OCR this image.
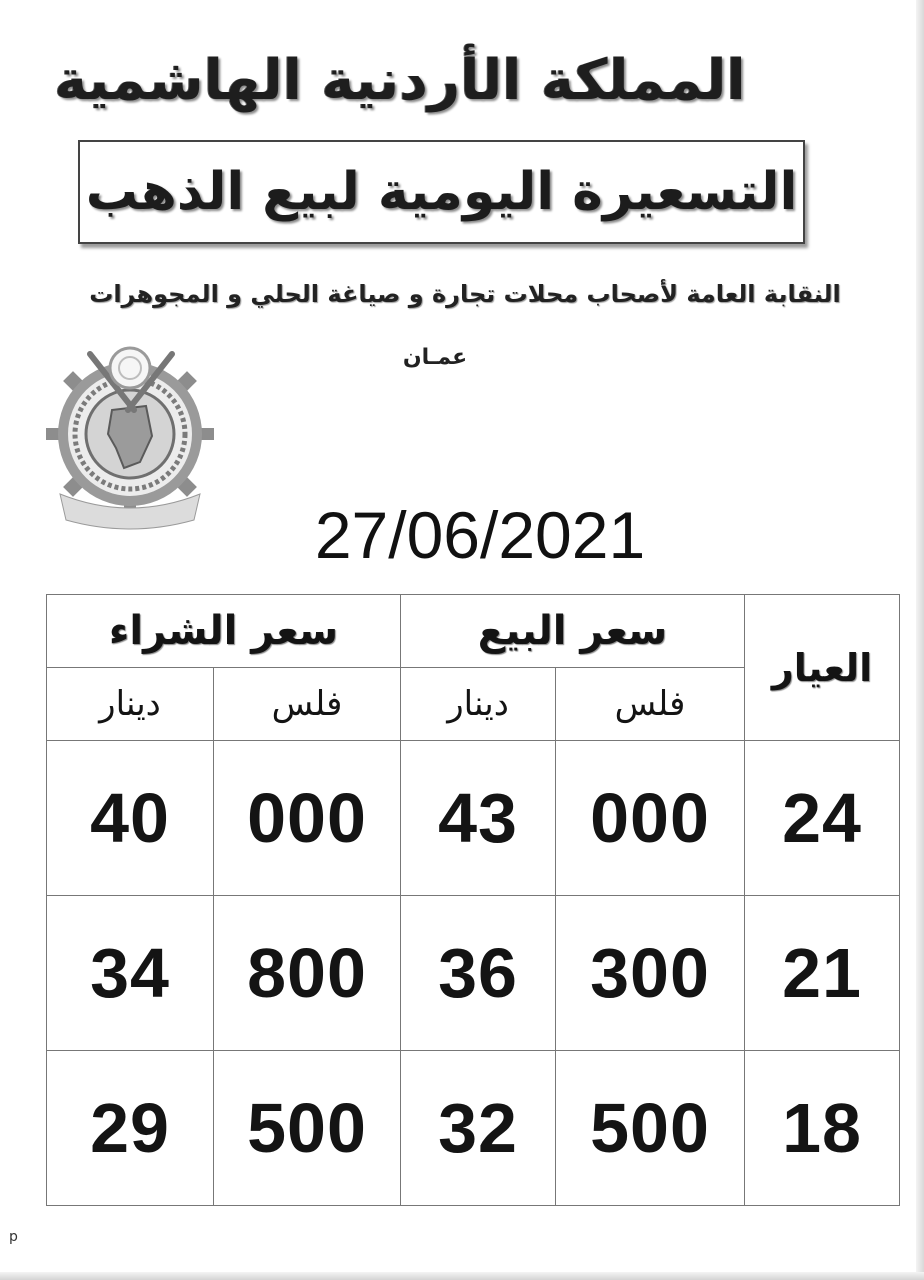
المملكة الأردنية الهاشمية
التسعيرة اليومية لبيع الذهب
النقابة العامة لأصحاب محلات تجارة و صياغة الحلي و المجوهرات
عمـان
27/06/2021
العيار	سعر البيع		سعر الشراء	
	فلس	دينار	فلس	دينار
24	000	43	000	40
21	300	36	800	34
18	500	32	500	29
p
